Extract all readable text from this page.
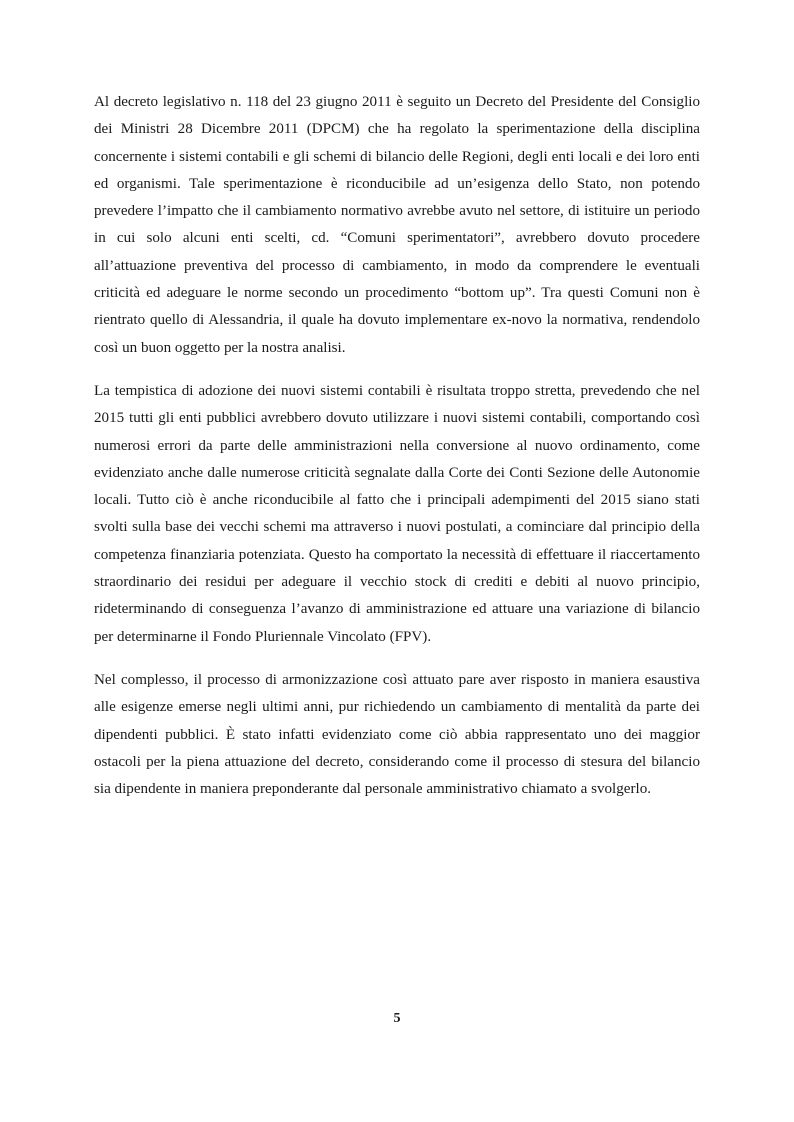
Al decreto legislativo n. 118 del 23 giugno 2011 è seguito un Decreto del Presidente del Consiglio dei Ministri 28 Dicembre 2011 (DPCM) che ha regolato la sperimentazione della disciplina concernente i sistemi contabili e gli schemi di bilancio delle Regioni, degli enti locali e dei loro enti ed organismi. Tale sperimentazione è riconducibile ad un’esigenza dello Stato, non potendo prevedere l’impatto che il cambiamento normativo avrebbe avuto nel settore, di istituire un periodo in cui solo alcuni enti scelti, cd. “Comuni sperimentatori”, avrebbero dovuto procedere all’attuazione preventiva del processo di cambiamento, in modo da comprendere le eventuali criticità ed adeguare le norme secondo un procedimento “bottom up”. Tra questi Comuni non è rientrato quello di Alessandria, il quale ha dovuto implementare ex-novo la normativa, rendendolo così un buon oggetto per la nostra analisi.

La tempistica di adozione dei nuovi sistemi contabili è risultata troppo stretta, prevedendo che nel 2015 tutti gli enti pubblici avrebbero dovuto utilizzare i nuovi sistemi contabili, comportando così numerosi errori da parte delle amministrazioni nella conversione al nuovo ordinamento, come evidenziato anche dalle numerose criticità segnalate dalla Corte dei Conti Sezione delle Autonomie locali. Tutto ciò è anche riconducibile al fatto che i principali adempimenti del 2015 siano stati svolti sulla base dei vecchi schemi ma attraverso i nuovi postulati, a cominciare dal principio della competenza finanziaria potenziata. Questo ha comportato la necessità di effettuare il riaccertamento straordinario dei residui per adeguare il vecchio stock di crediti e debiti al nuovo principio, rideterminando di conseguenza l’avanzo di amministrazione ed attuare una variazione di bilancio per determinarne il Fondo Pluriennale Vincolato (FPV).

Nel complesso, il processo di armonizzazione così attuato pare aver risposto in maniera esaustiva alle esigenze emerse negli ultimi anni, pur richiedendo un cambiamento di mentalità da parte dei dipendenti pubblici. È stato infatti evidenziato come ciò abbia rappresentato uno dei maggior ostacoli per la piena attuazione del decreto, considerando come il processo di stesura del bilancio sia dipendente in maniera preponderante dal personale amministrativo chiamato a svolgerlo.

5
